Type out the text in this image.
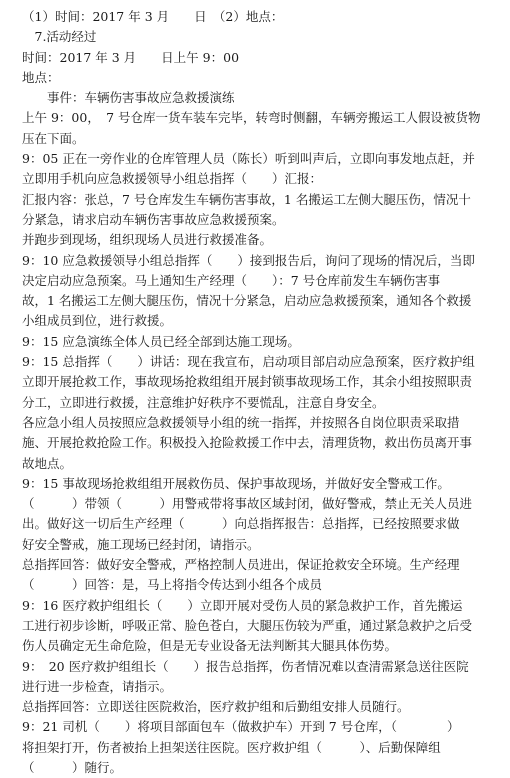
（1）时间：2017 年 3 月　　日　（2）地点：
　7.活动经过
时间：2017 年 3 月　　日上午 9：00
地点：
　　事件：车辆伤害事故应急救援演练
上午 9：00，　7 号仓库一货车装车完毕，转弯时侧翻，车辆旁搬运工人假设被货物
压在下面。
9：05 正在一旁作业的仓库管理人员（陈长）听到叫声后，立即向事发地点赶，并
立即用手机向应急救援领导小组总指挥（　　）汇报：
汇报内容：张总，7 号仓库发生车辆伤害事故，1 名搬运工左侧大腿压伤，情况十
分紧急，请求启动车辆伤害事故应急救援预案。
并跑步到现场，组织现场人员进行救援准备。
9：10 应急救援领导小组总指挥（　　）接到报告后，询问了现场的情况后，当即
决定启动应急预案。马上通知生产经理（　　）：7 号仓库前发生车辆伤害事
故，1 名搬运工左侧大腿压伤，情况十分紧急，启动应急救援预案，通知各个救援
小组成员到位，进行救援。
9：15 应急演练全体人员已经全部到达施工现场。
9：15 总指挥（　　）讲话：现在我宣布，启动项目部启动应急预案，医疗救护组
立即开展抢救工作，事故现场抢救组组开展封锁事故现场工作，其余小组按照职责
分工，立即进行救援，注意维护好秩序不要慌乱，注意自身安全。
各应急小组人员按照应急救援领导小组的统一指挥，并按照各自岗位职责采取措
施、开展抢救抢险工作。积极投入抢险救援工作中去，清理货物，救出伤员离开事
故地点。
9：15 事故现场抢救组组开展救伤员、保护事故现场，并做好安全警戒工作。
（　　　）带领（　　　）用警戒带将事故区域封闭，做好警戒，禁止无关人员进
出。做好这一切后生产经理（　　　）向总指挥报告：总指挥，已经按照要求做
好安全警戒，施工现场已经封闭，请指示。
总指挥回答：做好安全警戒，严格控制人员进出，保证抢救安全环境。生产经理
（　　　）回答：是，马上将指令传达到小组各个成员
9：16 医疗救护组组长（　　）立即开展对受伤人员的紧急救护工作，首先搬运
工进行初步诊断，呼吸正常、脸色苍白，大腿压伤较为严重，通过紧急救护之后受
伤人员确定无生命危险，但是无专业设备无法判断其大腿具体伤势。
9：　20 医疗救护组组长（　　）报告总指挥，伤者情况难以查清需紧急送往医院
进行进一步检查，请指示。
总指挥回答：立即送往医院救治，医疗救护组和后勤组安排人员随行。
9：21 司机（　　）将项目部面包车（做救护车）开到 7 号仓库，（　　　　）
将担架打开，伤者被抬上担架送往医院。医疗救护组（　　　）、后勤保障组
（　　　）随行。
